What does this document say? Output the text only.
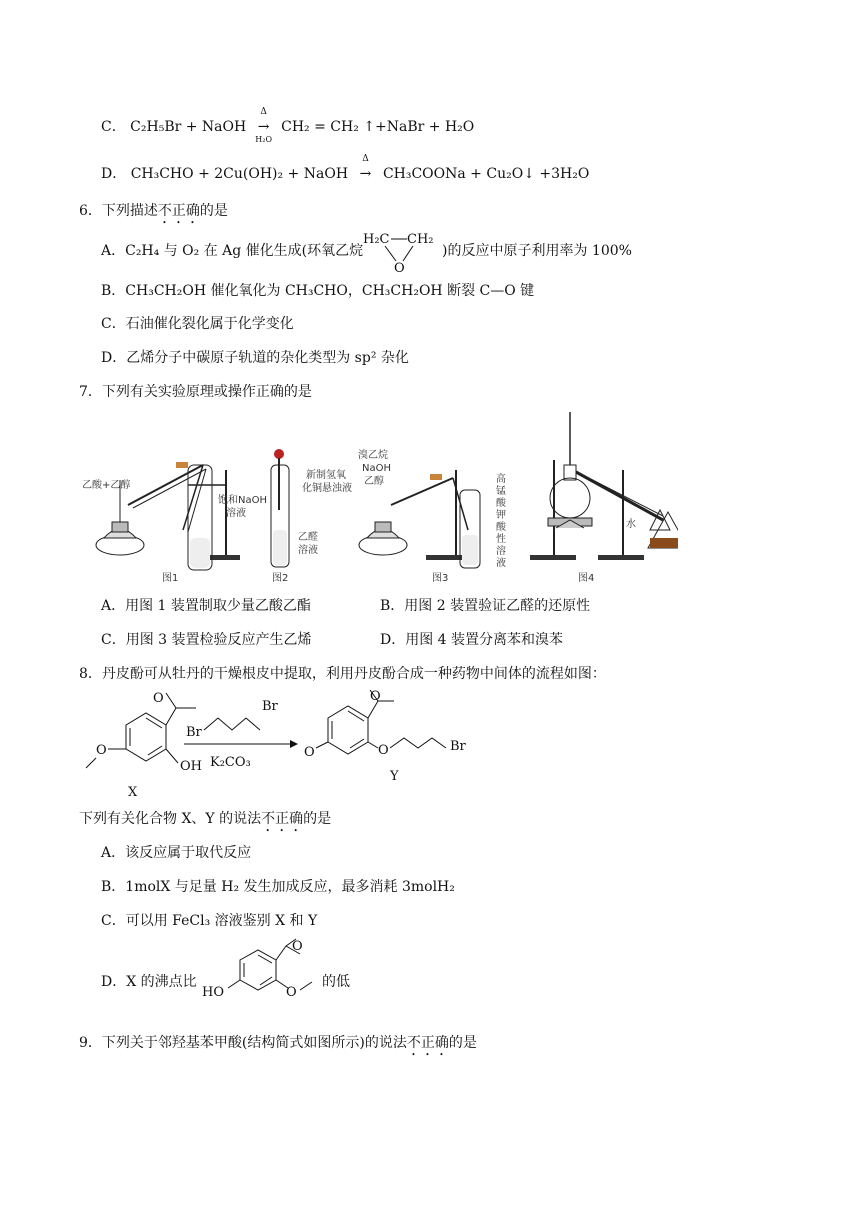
C． C₂H₅Br + NaOH
Δ
→
H₂O
CH₂ = CH₂ ↑+NaBr + H₂O
D． CH₃CHO + 2Cu(OH)₂ + NaOH
Δ
→ CH₃COONa + Cu₂O↓ +3H₂O
6．下列描述不正确的是
A．C₂H₄ 与 O₂ 在 Ag 催化生成(环氧乙烷
H₂C CH₂
O
)的反应中原子利用率为 100%
B．CH₃CH₂OH 催化氧化为 CH₃CHO，CH₃CH₂OH 断裂 C—O 键
C．石油催化裂化属于化学变化
D．乙烯分子中碳原子轨道的杂化类型为 sp² 杂化
7．下列有关实验原理或操作正确的是
乙酸+乙醇
饱和NaOH
溶液
图1
新制氢氧
化铜悬浊液
乙醛
溶液
图2
溴乙烷
NaOH
乙醇	高
锰
酸
钾
酸
性
溶
液
图3
水
图4
A．用图 1 装置制取少量乙酸乙酯	B．用图 2 装置验证乙醛的还原性
C．用图 3 装置检验反应产生乙烯	D．用图 4 装置分离苯和溴苯
8．丹皮酚可从牡丹的干燥根皮中提取，利用丹皮酚合成一种药物中间体的流程如图：
O
O
OH
X
Br
Br
K₂CO₃
O
O	O	Br
Y
下列有关化合物 X、Y 的说法不正确的是
A．该反应属于取代反应
B．1molX 与足量 H₂ 发生加成反应，最多消耗 3molH₂
C．可以用 FeCl₃ 溶液鉴别 X 和 Y
D．X 的沸点比
O
HO	O
的低
9．下列关于邻羟基苯甲酸(结构简式如图所示)的说法不正确的是
